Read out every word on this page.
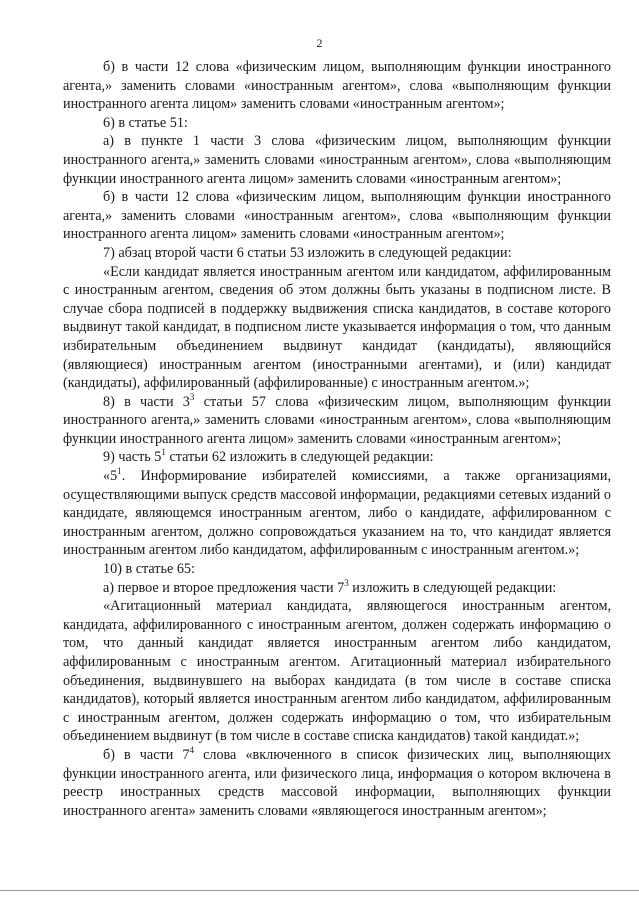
2

б) в части 12 слова «физическим лицом, выполняющим функции иностранного агента,» заменить словами «иностранным агентом», слова «выполняющим функции иностранного агента лицом» заменить словами «иностранным агентом»;

6) в статье 51:

а) в пункте 1 части 3 слова «физическим лицом, выполняющим функции иностранного агента,» заменить словами «иностранным агентом», слова «выполняющим функции иностранного агента лицом» заменить словами «иностранным агентом»;

б) в части 12 слова «физическим лицом, выполняющим функции иностранного агента,» заменить словами «иностранным агентом», слова «выполняющим функции иностранного агента лицом» заменить словами «иностранным агентом»;

7) абзац второй части 6 статьи 53 изложить в следующей редакции:

«Если кандидат является иностранным агентом или кандидатом, аффилированным с иностранным агентом, сведения об этом должны быть указаны в подписном листе. В случае сбора подписей в поддержку выдвижения списка кандидатов, в составе которого выдвинут такой кандидат, в подписном листе указывается информация о том, что данным избирательным объединением выдвинут кандидат (кандидаты), являющийся (являющиеся) иностранным агентом (иностранными агентами), и (или) кандидат (кандидаты), аффилированный (аффилированные) с иностранным агентом.»;

8) в части $3^3$ статьи 57 слова «физическим лицом, выполняющим функции иностранного агента,» заменить словами «иностранным агентом», слова «выполняющим функции иностранного агента лицом» заменить словами «иностранным агентом»;

9) часть $5^1$ статьи 62 изложить в следующей редакции:

«$5^1$. Информирование избирателей комиссиями, а также организациями, осуществляющими выпуск средств массовой информации, редакциями сетевых изданий о кандидате, являющемся иностранным агентом, либо о кандидате, аффилированном с иностранным агентом, должно сопровождаться указанием на то, что кандидат является иностранным агентом либо кандидатом, аффилированным с иностранным агентом.»;

10) в статье 65:

а) первое и второе предложения части $7^3$ изложить в следующей редакции:

«Агитационный материал кандидата, являющегося иностранным агентом, кандидата, аффилированного с иностранным агентом, должен содержать информацию о том, что данный кандидат является иностранным агентом либо кандидатом, аффилированным с иностранным агентом. Агитационный материал избирательного объединения, выдвинувшего на выборах кандидата (в том числе в составе списка кандидатов), который является иностранным агентом либо кандидатом, аффилированным с иностранным агентом, должен содержать информацию о том, что избирательным объединением выдвинут (в том числе в составе списка кандидатов) такой кандидат.»;

б) в части $7^4$ слова «включенного в список физических лиц, выполняющих функции иностранного агента, или физического лица, информация о котором включена в реестр иностранных средств массовой информации, выполняющих функции иностранного агента» заменить словами «являющегося иностранным агентом»;
